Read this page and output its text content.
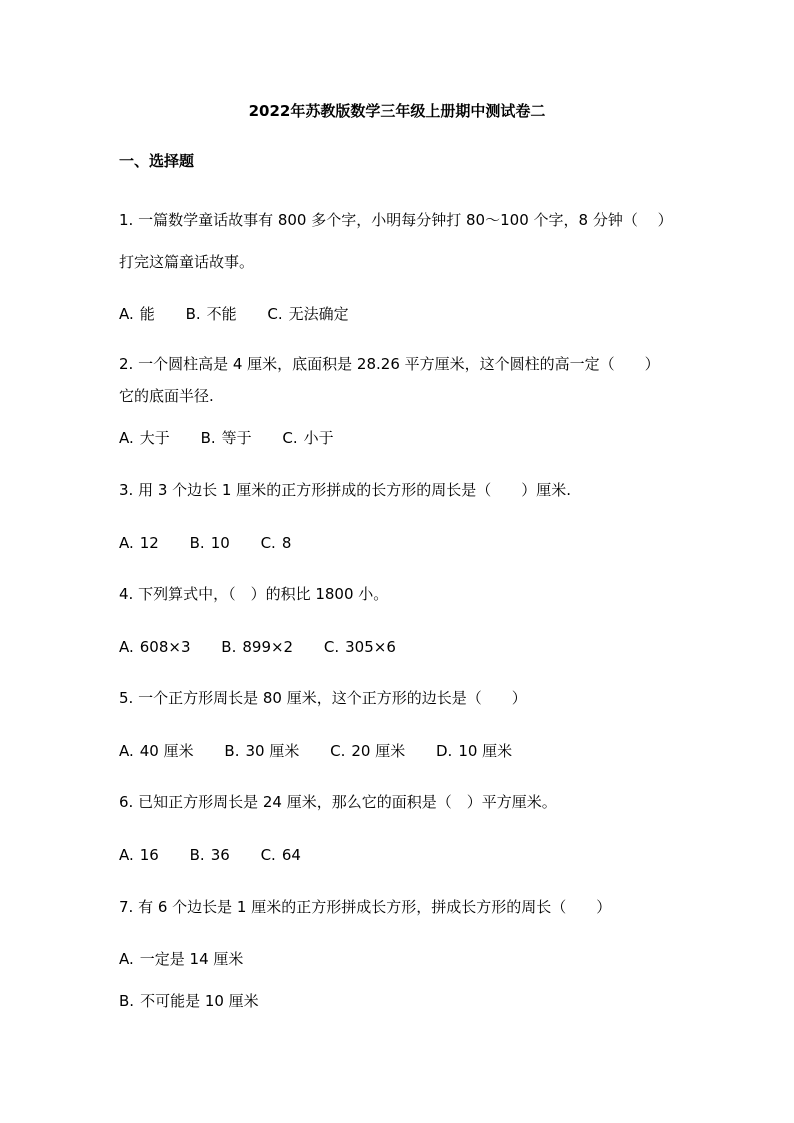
2022年苏教版数学三年级上册期中测试卷二
一、选择题
1. 一篇数学童话故事有 800 多个字，小明每分钟打 80～100 个字，8 分钟（　 ）
打完这篇童话故事。
A. 能 B. 不能 C. 无法确定
2. 一个圆柱高是 4 厘米，底面积是 28.26 平方厘米，这个圆柱的高一定（　　）
它的底面半径.
A. 大于 B. 等于 C. 小于
3. 用 3 个边长 1 厘米的正方形拼成的长方形的周长是（　　）厘米.
A. 12 B. 10 C. 8
4. 下列算式中，（　）的积比 1800 小。
A. 608×3 B. 899×2 C. 305×6
5. 一个正方形周长是 80 厘米，这个正方形的边长是（　　）
A. 40 厘米 B. 30 厘米 C. 20 厘米 D. 10 厘米
6. 已知正方形周长是 24 厘米，那么它的面积是（　）平方厘米。
A. 16 B. 36 C. 64
7. 有 6 个边长是 1 厘米的正方形拼成长方形，拼成长方形的周长（　　）
A. 一定是 14 厘米
B. 不可能是 10 厘米
